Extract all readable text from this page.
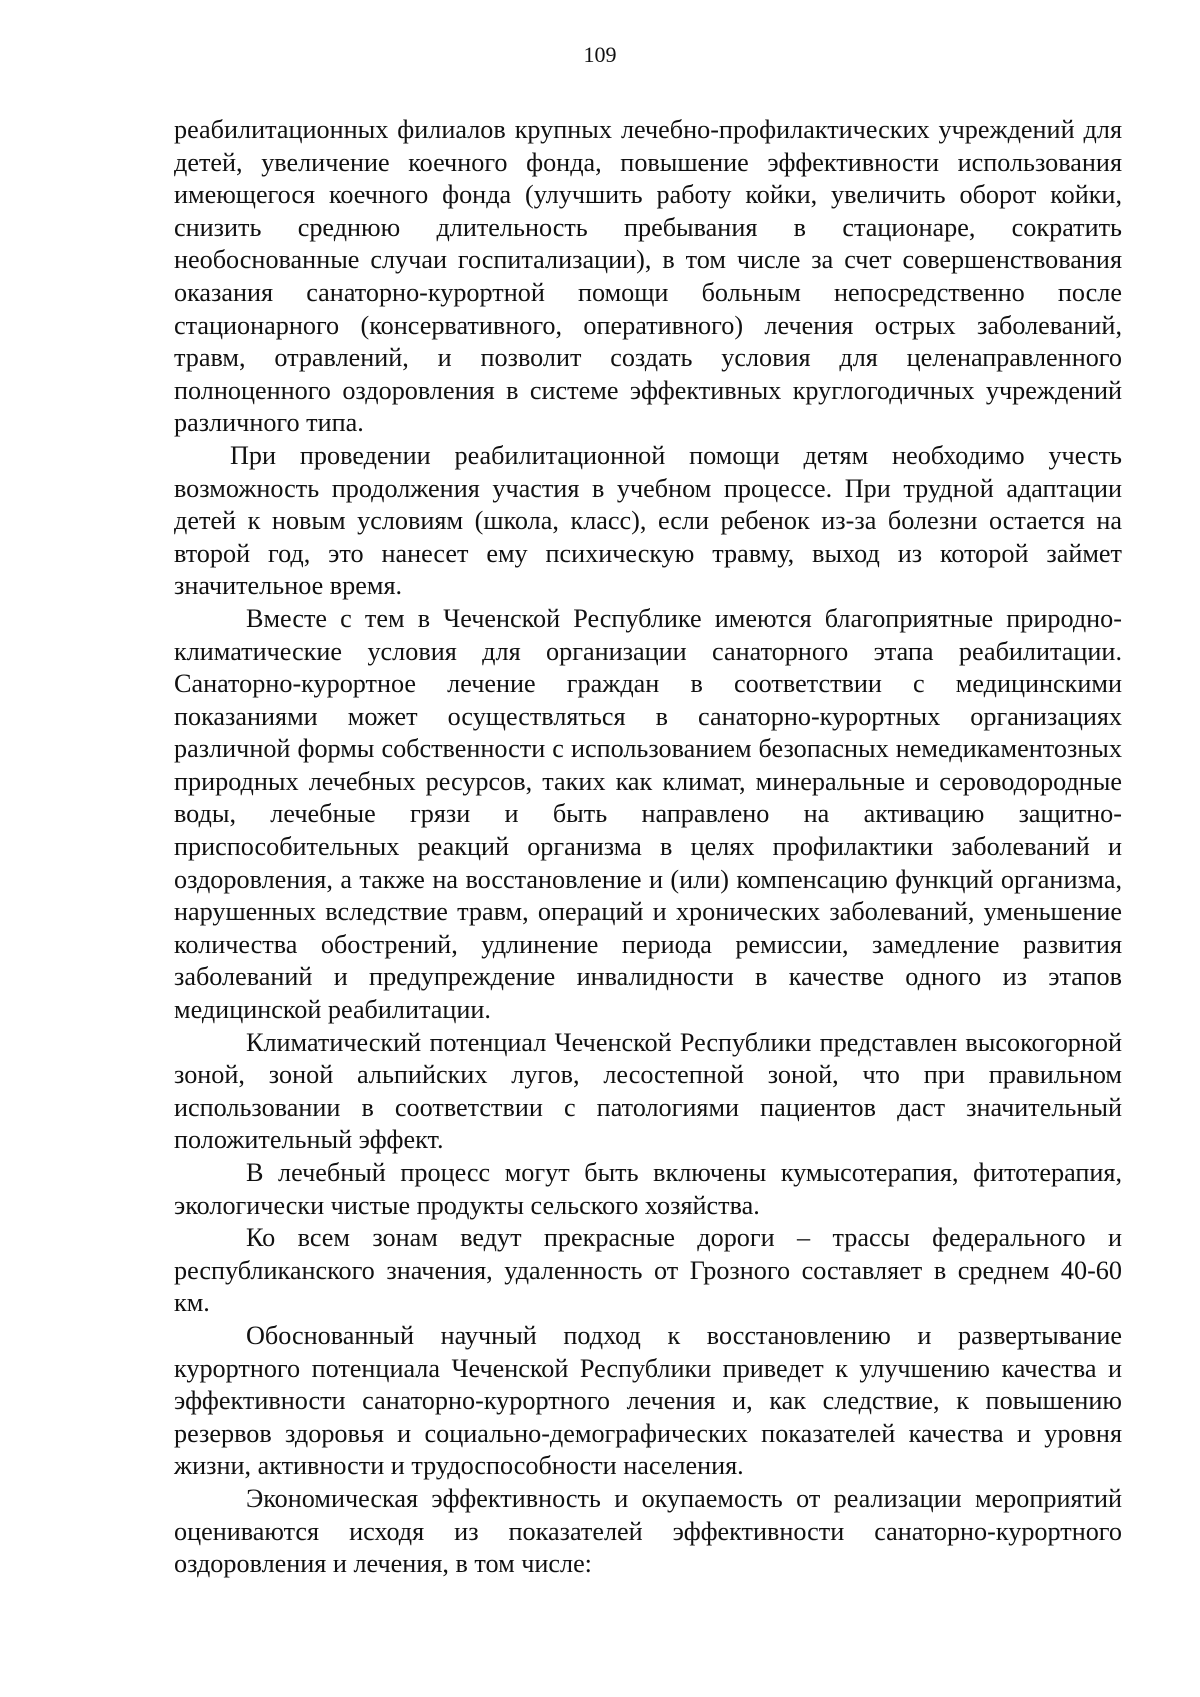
109

реабилитационных филиалов крупных лечебно-профилактических учреждений для детей, увеличение коечного фонда, повышение эффективности использования имеющегося коечного фонда (улучшить работу койки, увеличить оборот койки, снизить среднюю длительность пребывания в стационаре, сократить необоснованные случаи госпитализации), в том числе за счет совершенствования оказания санаторно-курортной помощи больным непосредственно после стационарного (консервативного, оперативного) лечения острых заболеваний, травм, отравлений, и позволит создать условия для целенаправленного полноценного оздоровления в системе эффективных круглогодичных учреждений различного типа.

При проведении реабилитационной помощи детям необходимо учесть возможность продолжения участия в учебном процессе. При трудной адаптации детей к новым условиям (школа, класс), если ребенок из-за болезни остается на второй год, это нанесет ему психическую травму, выход из которой займет значительное время.

Вместе с тем в Чеченской Республике имеются благоприятные природно-климатические условия для организации санаторного этапа реабилитации. Санаторно-курортное лечение граждан в соответствии с медицинскими показаниями может осуществляться в санаторно-курортных организациях различной формы собственности с использованием безопасных немедикаментозных природных лечебных ресурсов, таких как климат, минеральные и сероводородные воды, лечебные грязи и быть направлено на активацию защитно-приспособительных реакций организма в целях профилактики заболеваний и оздоровления, а также на восстановление и (или) компенсацию функций организма, нарушенных вследствие травм, операций и хронических заболеваний, уменьшение количества обострений, удлинение периода ремиссии, замедление развития заболеваний и предупреждение инвалидности в качестве одного из этапов медицинской реабилитации.

Климатический потенциал Чеченской Республики представлен высокогорной зоной, зоной альпийских лугов, лесостепной зоной, что при правильном использовании в соответствии с патологиями пациентов даст значительный положительный эффект.

В лечебный процесс могут быть включены кумысотерапия, фитотерапия, экологически чистые продукты сельского хозяйства.

Ко всем зонам ведут прекрасные дороги – трассы федерального и республиканского значения, удаленность от Грозного составляет в среднем 40-60 км.

Обоснованный научный подход к восстановлению и развертывание курортного потенциала Чеченской Республики приведет к улучшению качества и эффективности санаторно-курортного лечения и, как следствие, к повышению резервов здоровья и социально-демографических показателей качества и уровня жизни, активности и трудоспособности населения.

Экономическая эффективность и окупаемость от реализации мероприятий оцениваются исходя из показателей эффективности санаторно-курортного оздоровления и лечения, в том числе:
